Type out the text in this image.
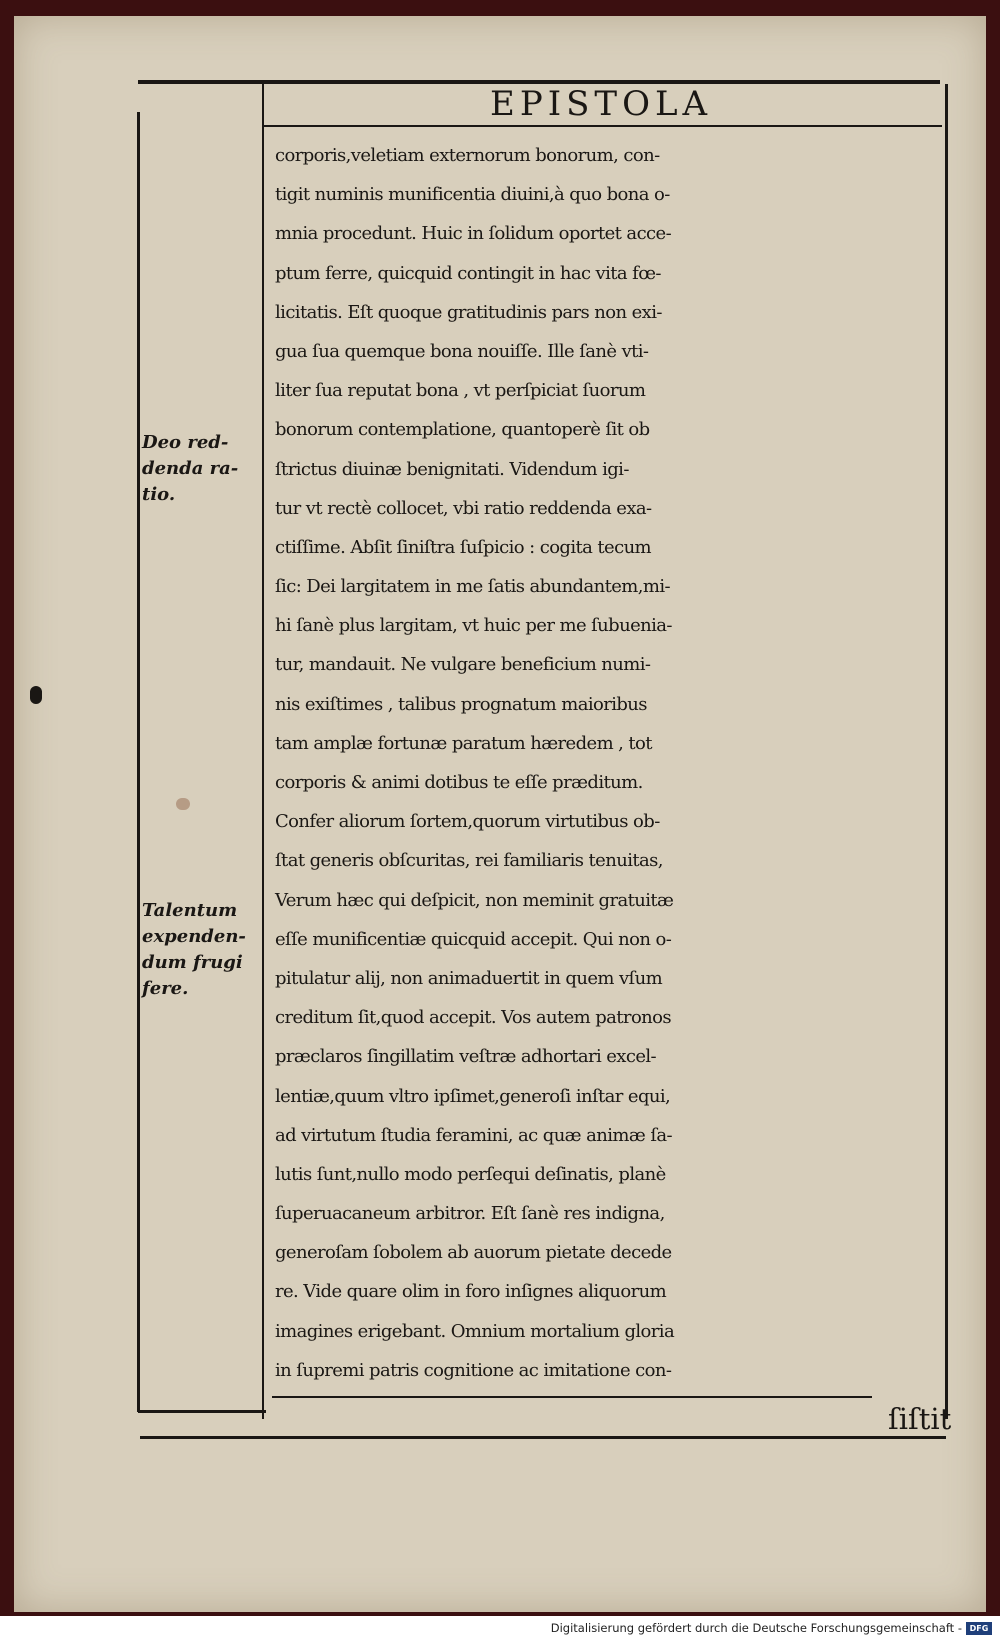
EPISTOLA
corporis,veletiam externorum bonorum, con-
tigit numinis munificentia diuini,à quo bona o-
mnia procedunt. Huic in ſolidum oportet acce-
ptum ferre, quicquid contingit in hac vita fœ-
licitatis. Eſt quoque gratitudinis pars non exi-
gua ſua quemque bona nouiſſe. Ille ſanè vti-
liter ſua reputat bona , vt perſpiciat ſuorum
bonorum contemplatione, quantoperè ſit ob
ſtrictus diuinæ benignitati. Videndum igi-
tur vt rectè collocet, vbi ratio reddenda exa-
ctiſſime. Abſit ſiniſtra ſuſpicio : cogita tecum
ſic: Dei largitatem in me ſatis abundantem,mi-
hi ſanè plus largitam, vt huic per me ſubuenia-
tur, mandauit. Ne vulgare beneficium numi-
nis exiſtimes , talibus prognatum maioribus
tam amplæ fortunæ paratum hæredem , tot
corporis & animi dotibus te eſſe præditum.
Confer aliorum ſortem,quorum virtutibus ob-
ſtat generis obſcuritas, rei familiaris tenuitas,
Verum hæc qui deſpicit, non meminit gratuitæ
eſſe munificentiæ quicquid accepit. Qui non o-
pitulatur alij, non animaduertit in quem vſum
creditum ſit,quod accepit. Vos autem patronos
præclaros ſingillatim veſtræ adhortari excel-
lentiæ,quum vltro ipſimet,generoſi inſtar equi,
ad virtutum ſtudia feramini, ac quæ animæ ſa-
lutis ſunt,nullo modo perſequi deſinatis, planè
ſuperuacaneum arbitror. Eſt ſanè res indigna,
generoſam ſobolem ab auorum pietate decede
re. Vide quare olim in foro inſignes aliquorum
imagines erigebant. Omnium mortalium gloria
in ſupremi patris cognitione ac imitatione con-
ſiſtit
Deo red-
denda ra-
tio.
Talentum
expenden-
dum frugi
fere.
Digitalisierung gefördert durch die Deutsche Forschungsgemeinschaft - DFG
